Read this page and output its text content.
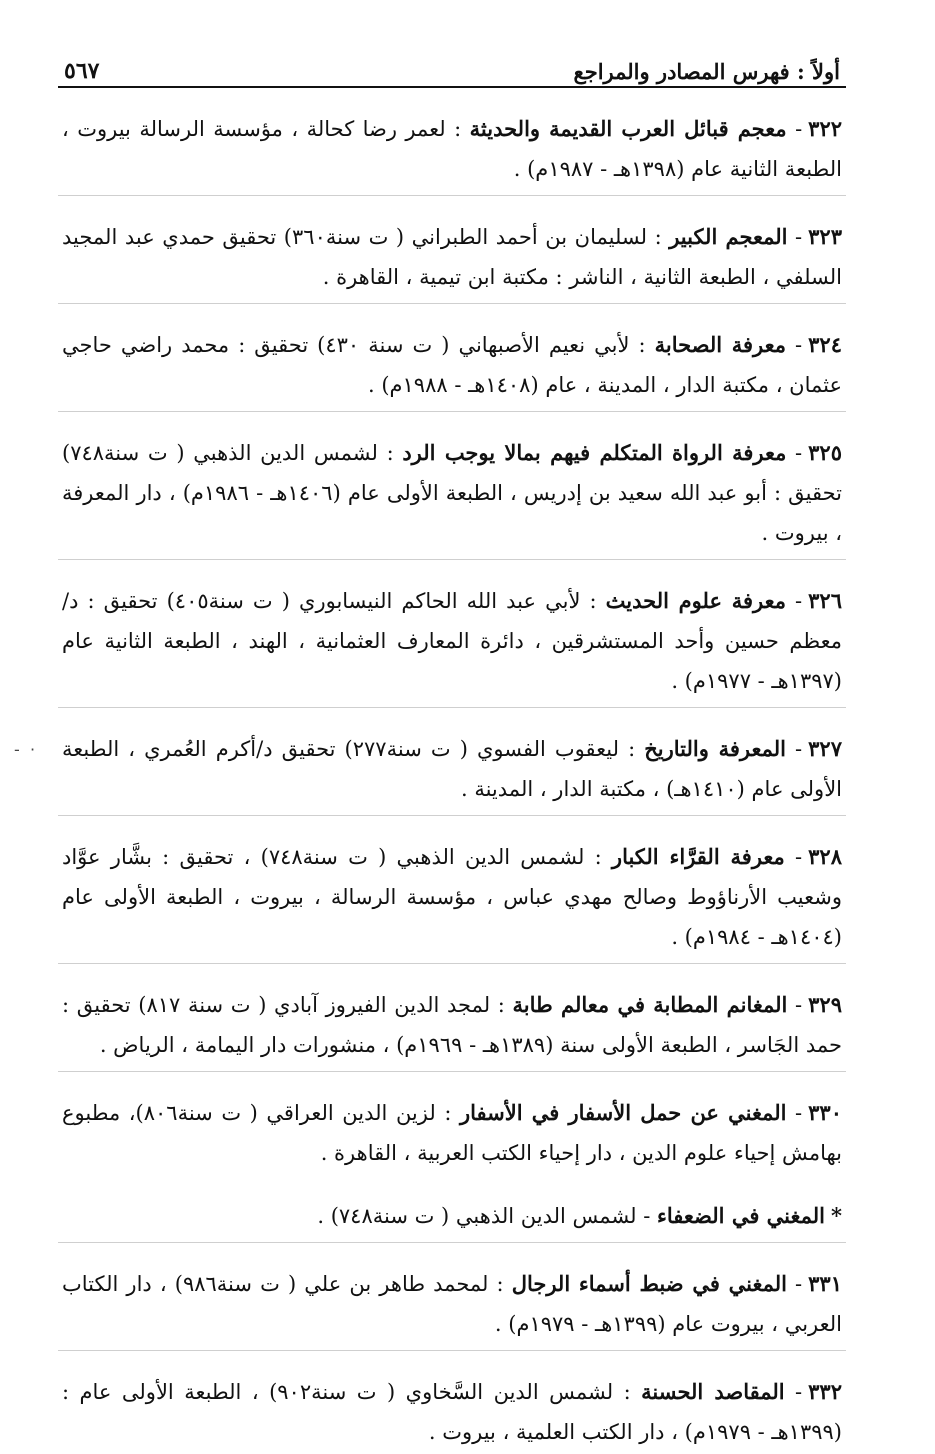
أولاً : فهرس المصادر والمراجع
٥٦٧

٣٢٢- معجم قبائل العرب القديمة والحديثة : لعمر رضا كحالة ، مؤسسة الرسالة بيروت ، الطبعة الثانية عام (١٣٩٨هـ - ١٩٨٧م) .

٣٢٣- المعجم الكبير : لسليمان بن أحمد الطبراني ( ت سنة٣٦٠) تحقيق حمدي عبد المجيد السلفي ، الطبعة الثانية ، الناشر : مكتبة ابن تيمية ، القاهرة .

٣٢٤- معرفة الصحابة : لأبي نعيم الأصبهاني ( ت سنة ٤٣٠) تحقيق : محمد راضي حاجي عثمان ، مكتبة الدار ، المدينة ، عام (١٤٠٨هـ - ١٩٨٨م) .

٣٢٥- معرفة الرواة المتكلم فيهم بمالا يوجب الرد : لشمس الدين الذهبي ( ت سنة٧٤٨) تحقيق : أبو عبد الله سعيد بن إدريس ، الطبعة الأولى عام (١٤٠٦هـ - ١٩٨٦م) ، دار المعرفة ، بيروت .

٣٢٦- معرفة علوم الحديث : لأبي عبد الله الحاكم النيسابوري ( ت سنة٤٠٥) تحقيق : د/معظم حسين وأحد المستشرقين ، دائرة المعارف العثمانية ، الهند ، الطبعة الثانية عام (١٣٩٧هـ - ١٩٧٧م) .

٣٢٧- المعرفة والتاريخ : ليعقوب الفسوي ( ت سنة٢٧٧) تحقيق د/أكرم العُمري ، الطبعة الأولى عام (١٤١٠هـ) ، مكتبة الدار ، المدينة .

٣٢٨- معرفة القرَّاء الكبار : لشمس الدين الذهبي ( ت سنة٧٤٨) ، تحقيق : بشَّار عوَّاد وشعيب الأرناؤوط وصالح مهدي عباس ، مؤسسة الرسالة ، بيروت ، الطبعة الأولى عام (١٤٠٤هـ - ١٩٨٤م) .

٣٢٩- المغانم المطابة في معالم طابة : لمجد الدين الفيروز آبادي ( ت سنة ٨١٧) تحقيق : حمد الجَاسر ، الطبعة الأولى سنة (١٣٨٩هـ - ١٩٦٩م) ، منشورات دار اليمامة ، الرياض .

٣٣٠- المغني عن حمل الأسفار في الأسفار : لزين الدين العراقي ( ت سنة٨٠٦)، مطبوع بهامش إحياء علوم الدين ، دار إحياء الكتب العربية ، القاهرة .

*المغني في الضعفاء - لشمس الدين الذهبي ( ت سنة٧٤٨) .

٣٣١- المغني في ضبط أسماء الرجال : لمحمد طاهر بن علي ( ت سنة٩٨٦) ، دار الكتاب العربي ، بيروت عام (١٣٩٩هـ - ١٩٧٩م) .

٣٣٢- المقاصد الحسنة : لشمس الدين السَّخاوي ( ت سنة٩٠٢) ، الطبعة الأولى عام : (١٣٩٩هـ - ١٩٧٩م) ، دار الكتب العلمية ، بيروت .

·  -
